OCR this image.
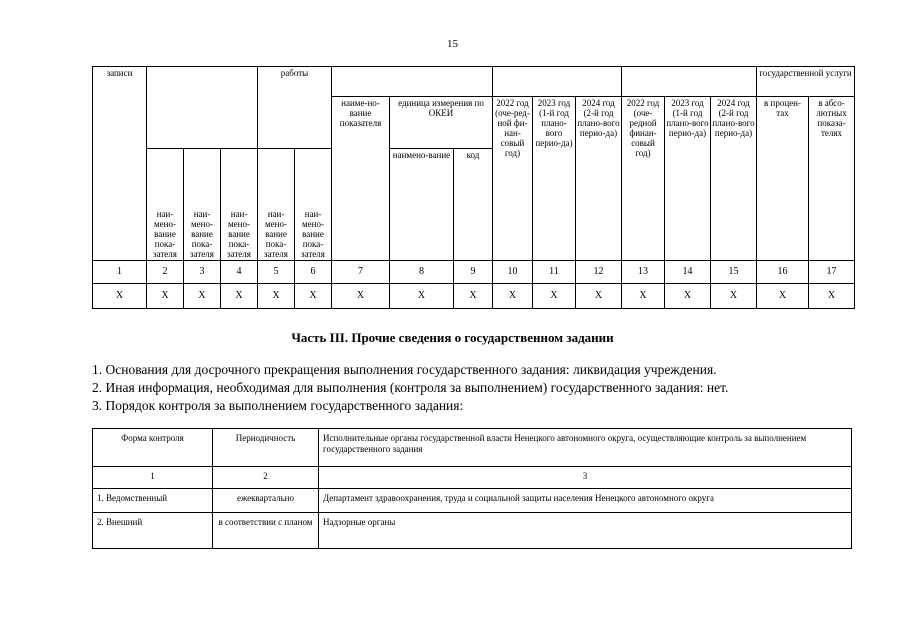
15
записи				работы											государственной услуги	
						наиме-но-вание показателя	единица измерения по ОКЕИ		2022 год (оче-ред-ной фи-нан-совый год)	2023 год (1-й год плано-вого перио-да)	2024 год (2-й год плано-вого перио-да)	2022 год (оче-редной финан-совый год)	2023 год (1-й год плано-вого перио-да)	2024 год (2-й год плано-вого перио-да)	в процен-тах	в абсо-лютных показа-телях
	наи-мено-вание пока-зателя	наи-мено-вание пока-зателя	наи-мено-вание пока-зателя	наи-мено-вание пока-зателя	наи-мено-вание пока-зателя		наимено-вание	код								
1	2	3	4	5	6	7	8	9	10	11	12	13	14	15	16	17
X	X	X	X	X	X	X	X	X	X	X	X	X	X	X	X	X
Часть III. Прочие сведения о государственном задании
1. Основания для досрочного прекращения выполнения государственного задания: ликвидация учреждения.
2. Иная информация, необходимая для выполнения (контроля за выполнением) государственного задания: нет.
3. Порядок контроля за выполнением государственного задания:
Форма контроля	Периодичность	Исполнительные органы государственной власти Ненецкого автономного округа, осуществляющие контроль за выполнением государственного задания
1	2	3
1. Ведомственный	ежеквартально	Департамент здравоохранения, труда и социальной защиты населения Ненецкого автономного округа
2. Внешний	в соответствии с планом	Надзорные органы
